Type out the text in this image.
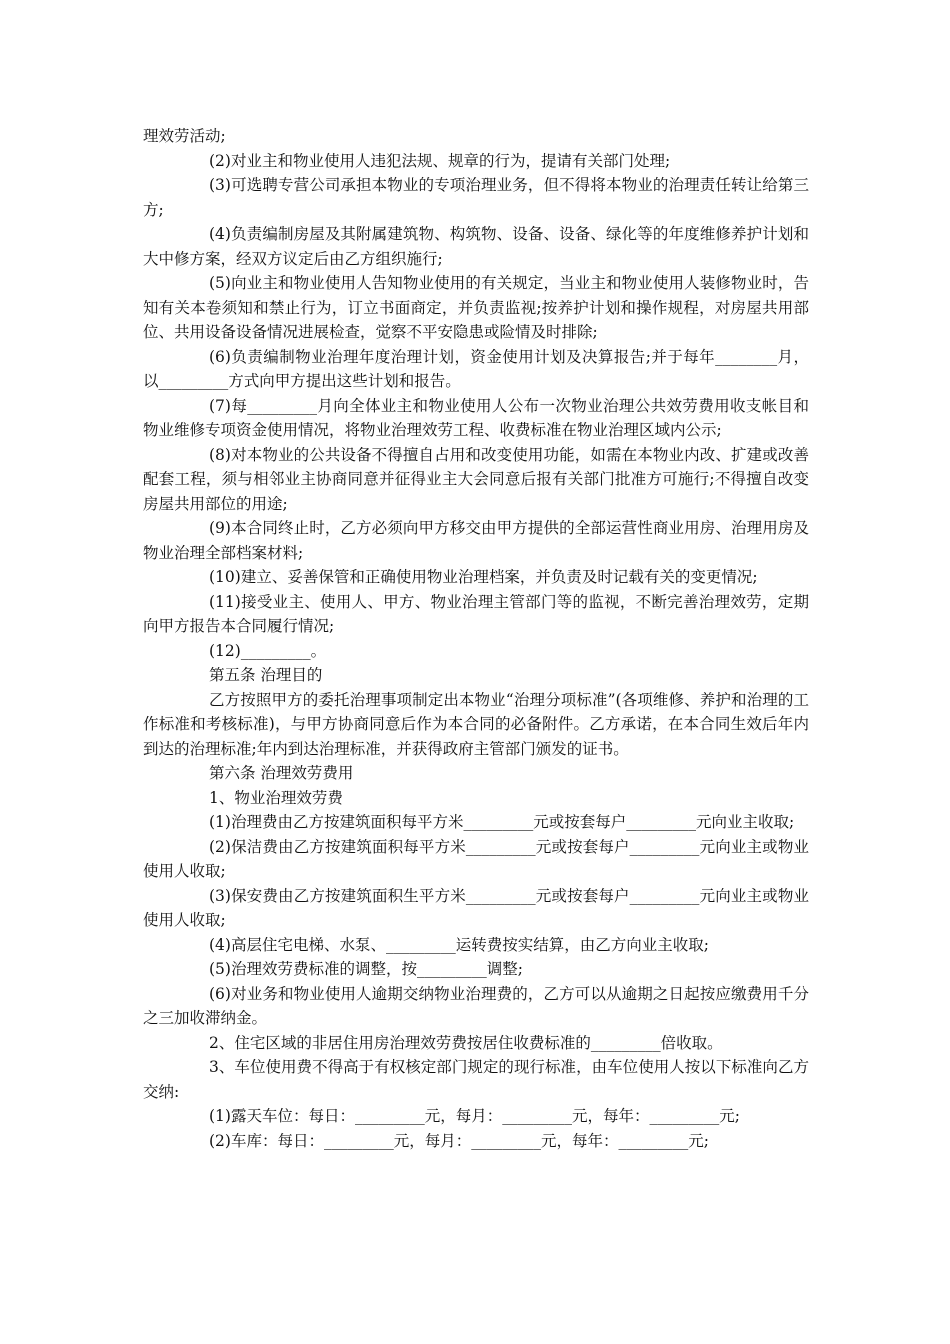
理效劳活动;

(2)对业主和物业使用人违犯法规、规章的行为，提请有关部门处理;

(3)可选聘专营公司承担本物业的专项治理业务，但不得将本物业的治理责任转让给第三方;

(4)负责编制房屋及其附属建筑物、构筑物、设备、设备、绿化等的年度维修养护计划和大中修方案，经双方议定后由乙方组织施行;

(5)向业主和物业使用人告知物业使用的有关规定，当业主和物业使用人装修物业时，告知有关本卷须知和禁止行为，订立书面商定，并负责监视;按养护计划和操作规程，对房屋共用部位、共用设备设备情况进展检查，觉察不平安隐患或险情及时排除;

(6)负责编制物业治理年度治理计划，资金使用计划及决算报告;并于每年________月，以_________方式向甲方提出这些计划和报告。

(7)每_________月向全体业主和物业使用人公布一次物业治理公共效劳费用收支帐目和物业维修专项资金使用情况，将物业治理效劳工程、收费标准在物业治理区域内公示;

(8)对本物业的公共设备不得擅自占用和改变使用功能，如需在本物业内改、扩建或改善配套工程，须与相邻业主协商同意并征得业主大会同意后报有关部门批准方可施行;不得擅自改变房屋共用部位的用途;

(9)本合同终止时，乙方必须向甲方移交由甲方提供的全部运营性商业用房、治理用房及物业治理全部档案材料;

(10)建立、妥善保管和正确使用物业治理档案，并负责及时记载有关的变更情况;

(11)接受业主、使用人、甲方、物业治理主管部门等的监视，不断完善治理效劳，定期向甲方报告本合同履行情况;

(12)_________。

第五条 治理目的

乙方按照甲方的委托治理事项制定出本物业“治理分项标准”(各项维修、养护和治理的工作标准和考核标准)，与甲方协商同意后作为本合同的必备附件。乙方承诺，在本合同生效后年内到达的治理标准;年内到达治理标准，并获得政府主管部门颁发的证书。

第六条 治理效劳费用

1、物业治理效劳费

(1)治理费由乙方按建筑面积每平方米_________元或按套每户_________元向业主收取;

(2)保洁费由乙方按建筑面积每平方米_________元或按套每户_________元向业主或物业使用人收取;

(3)保安费由乙方按建筑面积生平方米_________元或按套每户_________元向业主或物业使用人收取;

(4)高层住宅电梯、水泵、_________运转费按实结算，由乙方向业主收取;

(5)治理效劳费标准的调整，按_________调整;

(6)对业务和物业使用人逾期交纳物业治理费的，乙方可以从逾期之日起按应缴费用千分之三加收滞纳金。

2、住宅区域的非居住用房治理效劳费按居住收费标准的_________倍收取。

3、车位使用费不得高于有权核定部门规定的现行标准，由车位使用人按以下标准向乙方交纳:

(1)露天车位：每日：_________元，每月：_________元，每年：_________元;

(2)车库：每日：_________元，每月：_________元，每年：_________元;
